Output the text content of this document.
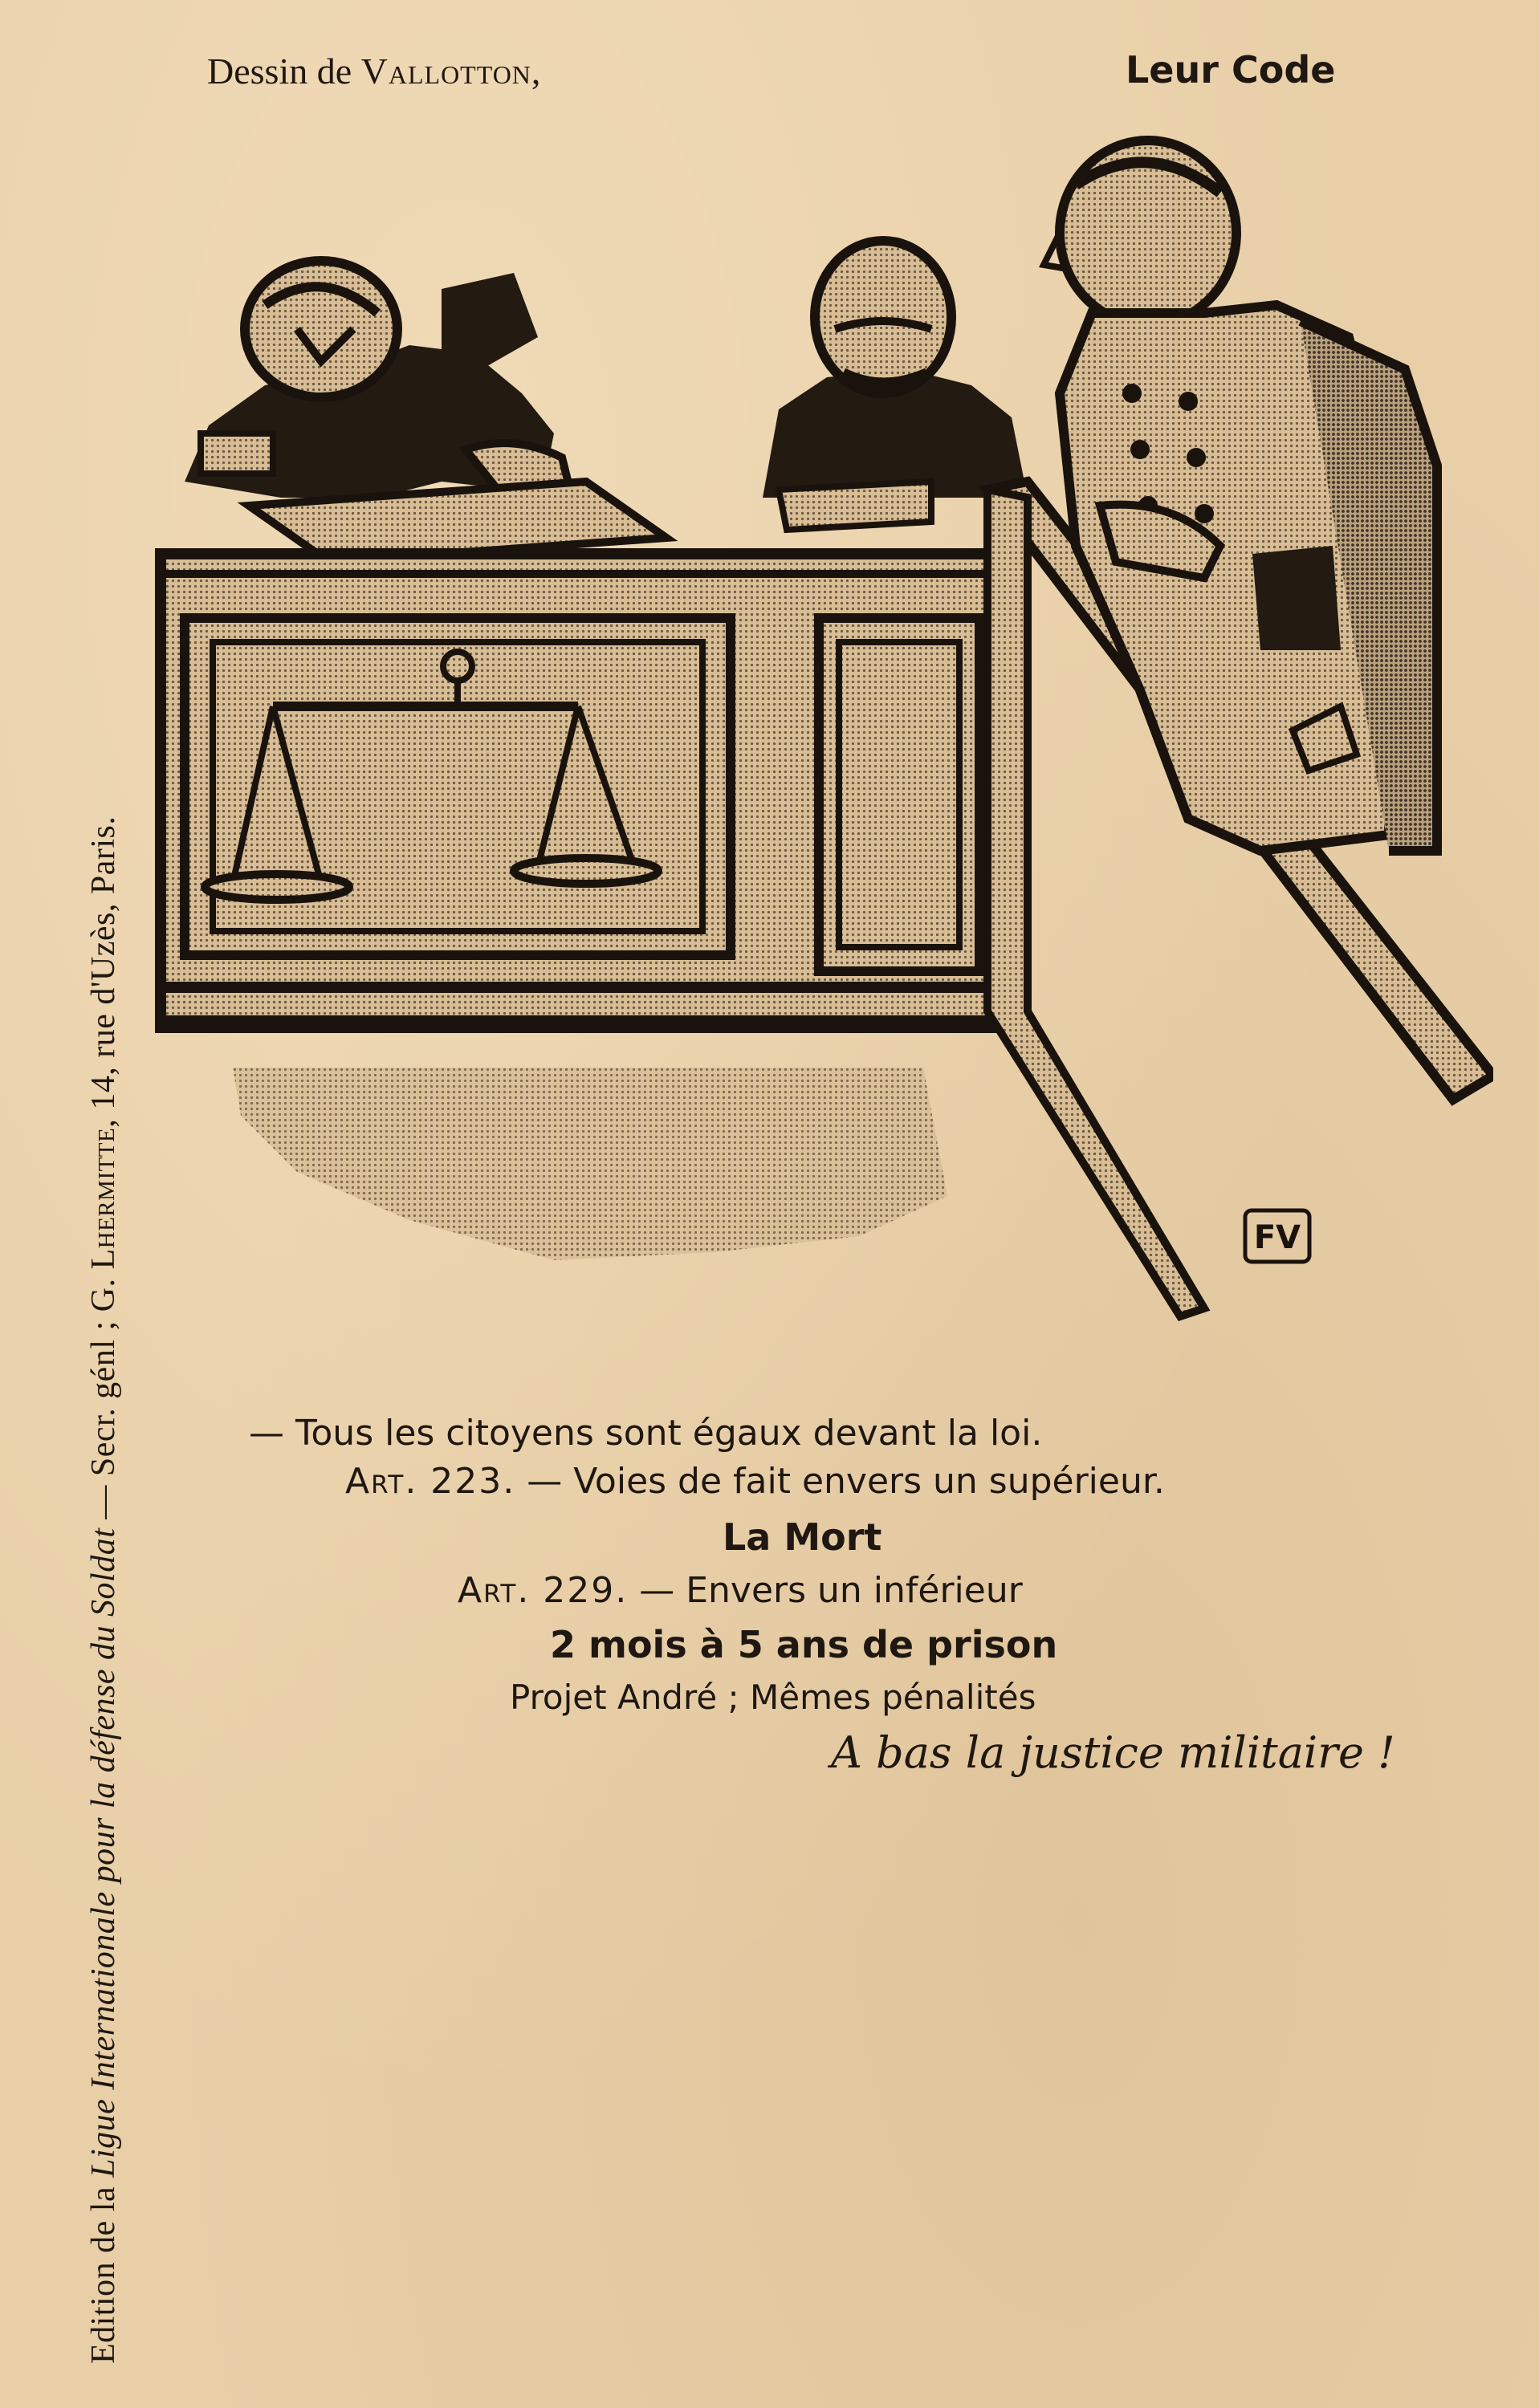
Edition de la Ligue Internationale pour la défense du Soldat — Secr. génl ; G. Lhermitte, 14, rue d'Uzès, Paris.
Dessin de Vallotton,	Leur Code
FV
— Tous les citoyens sont égaux devant la loi.
Art. 223. — Voies de fait envers un supérieur.
La Mort
Art. 229. — Envers un inférieur
2 mois à 5 ans de prison
Projet André ; Mêmes pénalités
A bas la justice militaire !
